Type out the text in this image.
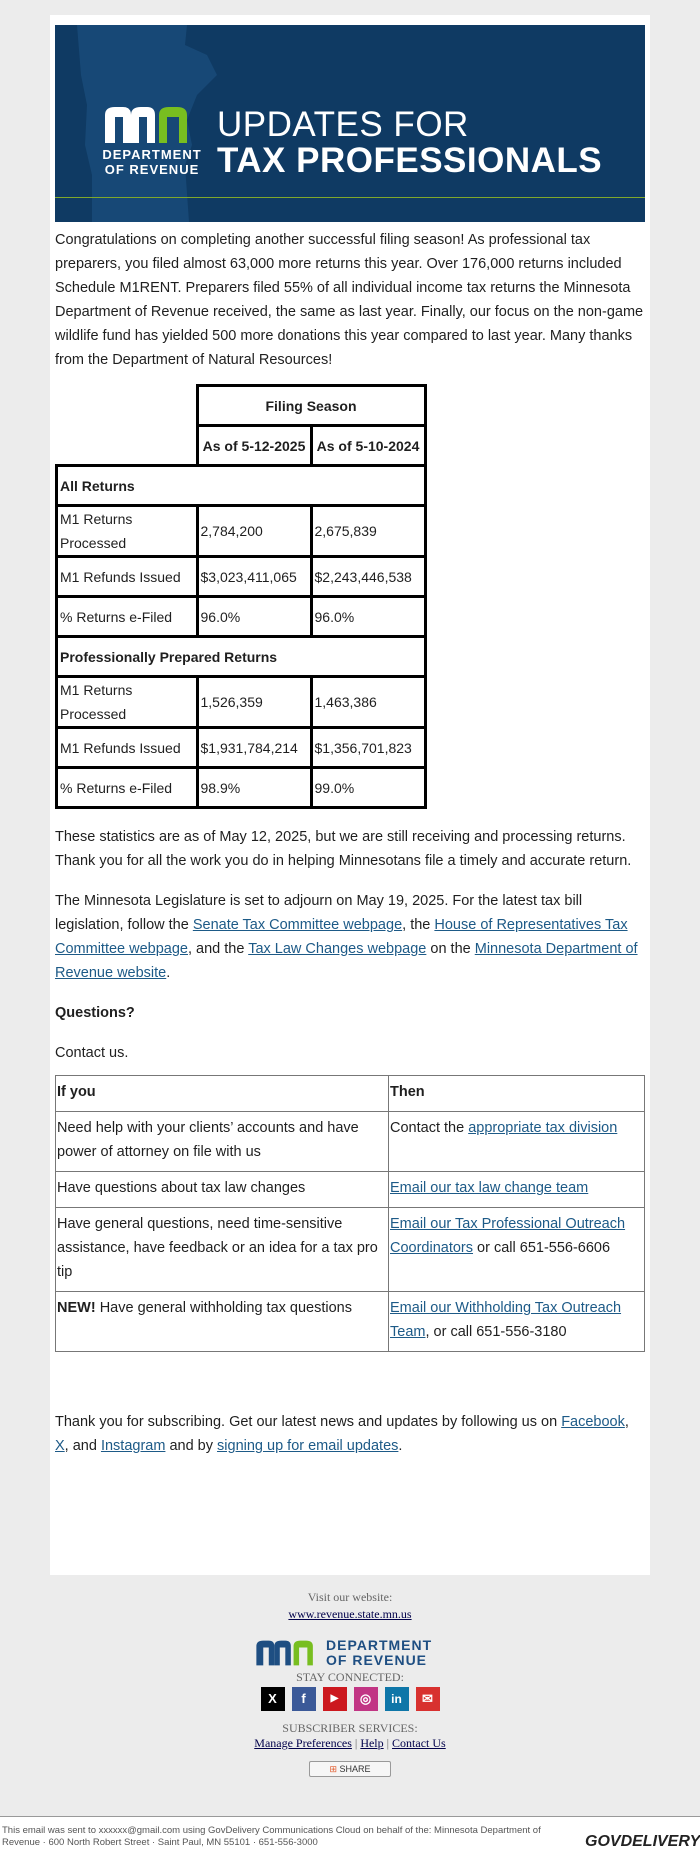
DEPARTMENT
OF REVENUE
UPDATES FOR
TAX PROFESSIONALS

Congratulations on completing another successful filing season! As professional tax preparers, you filed almost 63,000 more returns this year. Over 176,000 returns included Schedule M1RENT. Preparers filed 55% of all individual income tax returns the Minnesota Department of Revenue received, the same as last year. Finally, our focus on the non-game wildlife fund has yielded 500 more donations this year compared to last year. Many thanks from the Department of Natural Resources!

	Filing Season	
	As of 5-12-2025	As of 5-10-2024
All Returns		
M1 Returns Processed	2,784,200	2,675,839
M1 Refunds Issued	$3,023,411,065	$2,243,446,538
% Returns e-Filed	96.0%	96.0%
Professionally Prepared Returns		
M1 Returns Processed	1,526,359	1,463,386
M1 Refunds Issued	$1,931,784,214	$1,356,701,823
% Returns e-Filed	98.9%	99.0%

These statistics are as of May 12, 2025, but we are still receiving and processing returns. Thank you for all the work you do in helping Minnesotans file a timely and accurate return.

The Minnesota Legislature is set to adjourn on May 19, 2025. For the latest tax bill legislation, follow the Senate Tax Committee webpage, the House of Representatives Tax Committee webpage, and the Tax Law Changes webpage on the Minnesota Department of Revenue website.

Questions?

Contact us.

If you	Then
Need help with your clients’ accounts and have power of attorney on file with us	Contact the appropriate tax division
Have questions about tax law changes	Email our tax law change team
Have general questions, need time-sensitive assistance, have feedback or an idea for a tax pro tip	Email our Tax Professional Outreach Coordinators or call 651-556-6606
NEW! Have general withholding tax questions	Email our Withholding Tax Outreach Team, or call 651-556-3180

Thank you for subscribing. Get our latest news and updates by following us on Facebook, X, and Instagram and by signing up for email updates.

Visit our website:
www.revenue.state.mn.us
DEPARTMENT
OF REVENUE
STAY CONNECTED:
X f ▶ ◎ in ✉
SUBSCRIBER SERVICES:
Manage Preferences | Help | Contact Us
⊞ SHARE
This email was sent to xxxxxx@gmail.com using GovDelivery Communications Cloud on behalf of the: Minnesota Department of Revenue · 600 North Robert Street · Saint Paul, MN 55101 · 651-556-3000	GOVDELIVERY
